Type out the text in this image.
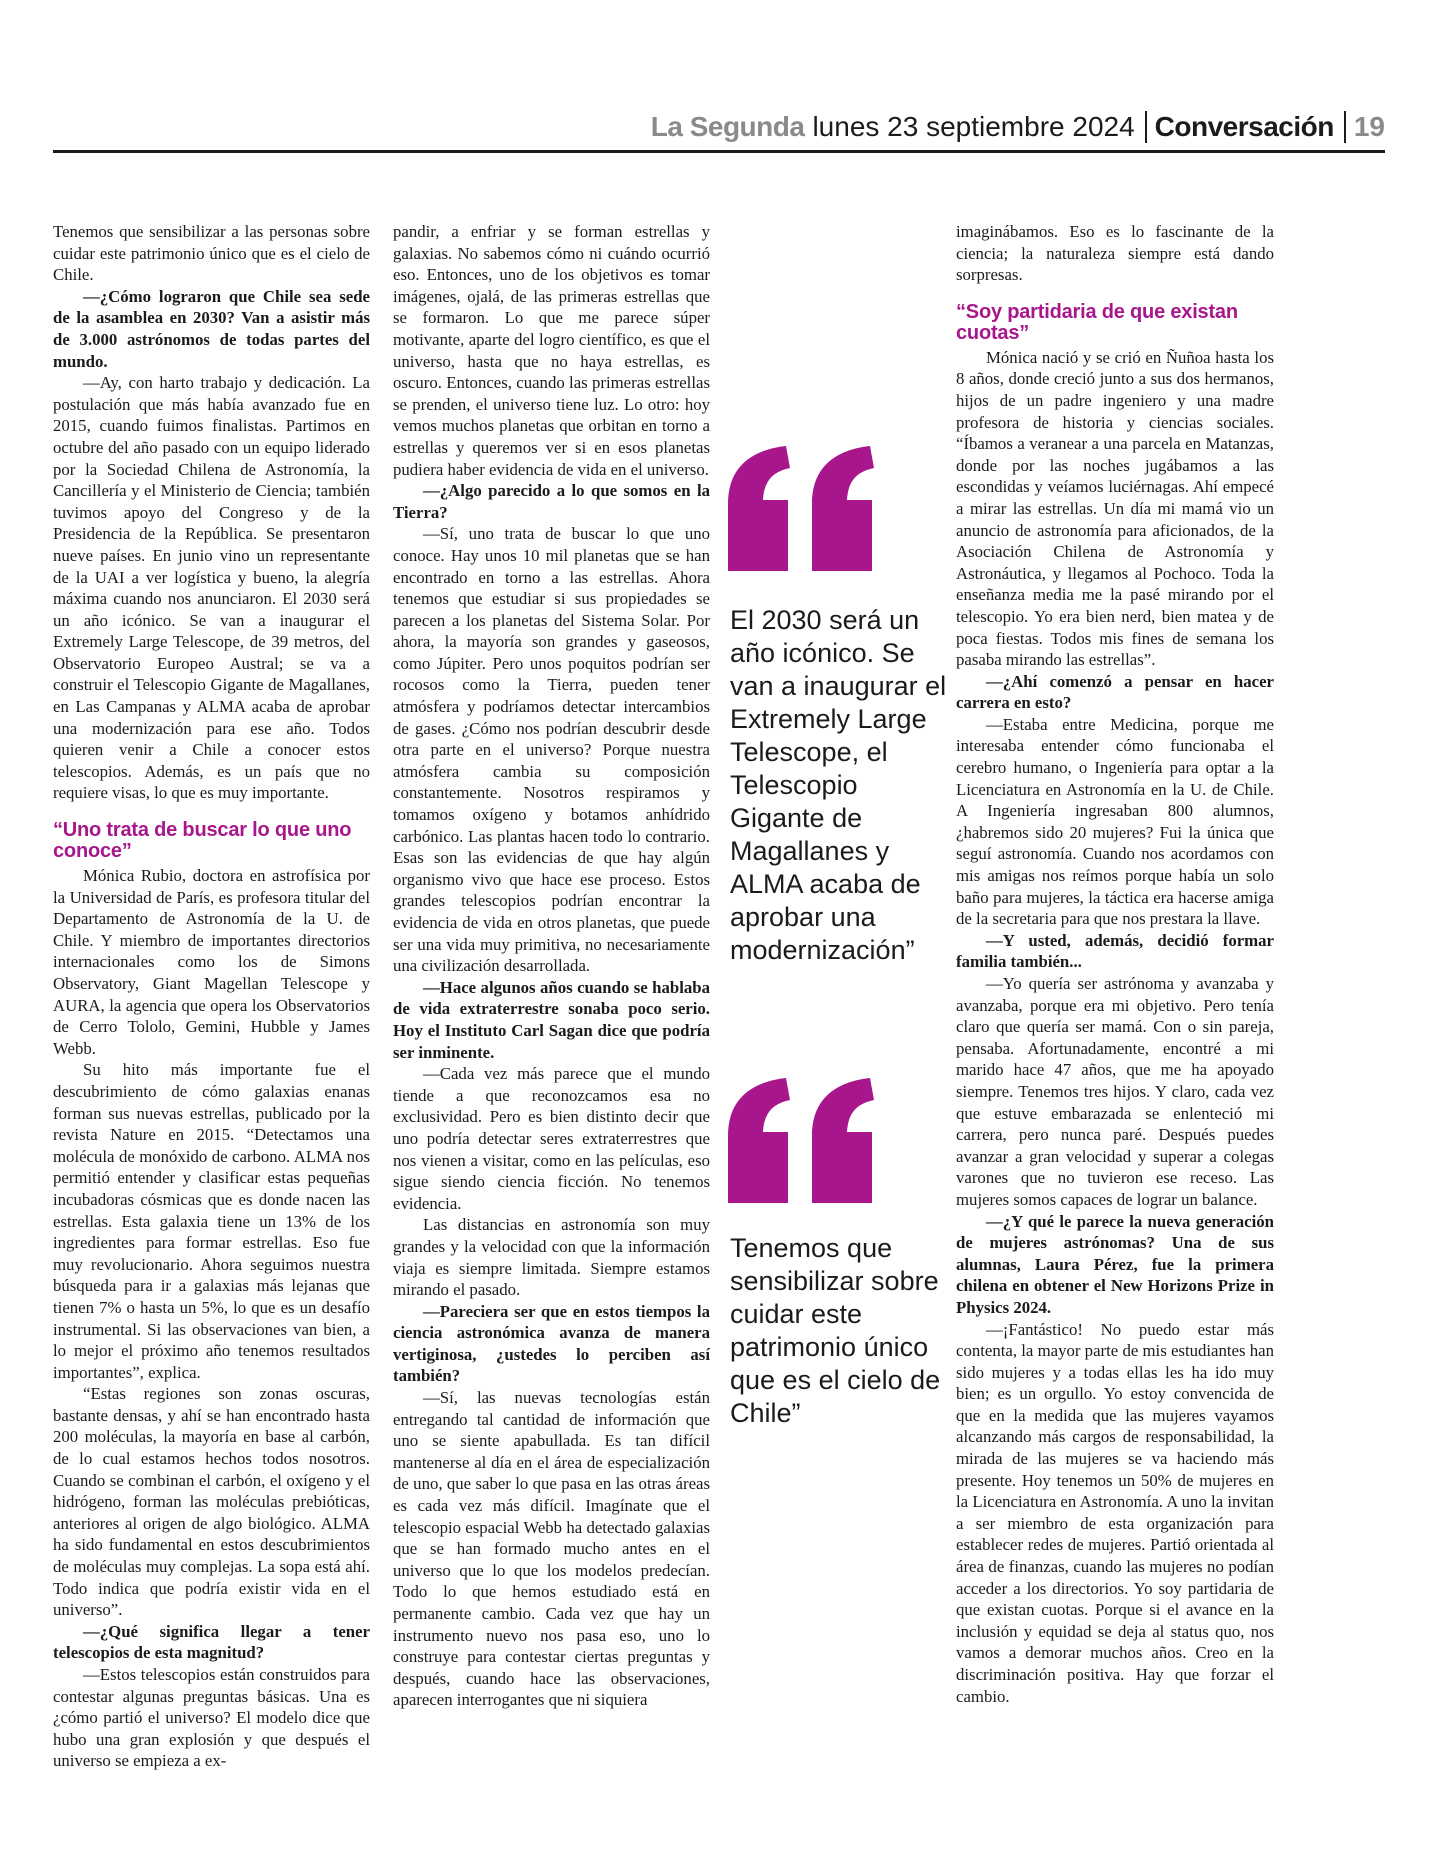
La Segunda lunes 23 septiembre 2024 Conversación 19

Tenemos que sensibilizar a las personas sobre cuidar este patrimonio único que es el cielo de Chile.

—¿Cómo lograron que Chile sea sede de la asamblea en 2030? Van a asistir más de 3.000 astrónomos de todas partes del mundo.

—Ay, con harto trabajo y dedicación. La postulación que más había avanzado fue en 2015, cuando fuimos finalistas. Partimos en octubre del año pasado con un equipo liderado por la Sociedad Chilena de Astronomía, la Cancillería y el Ministerio de Ciencia; también tuvimos apoyo del Congreso y de la Presidencia de la República. Se presentaron nueve países. En junio vino un representante de la UAI a ver logística y bueno, la alegría máxima cuando nos anunciaron. El 2030 será un año icónico. Se van a inaugurar el Extremely Large Telescope, de 39 metros, del Observatorio Europeo Austral; se va a construir el Telescopio Gigante de Magallanes, en Las Campanas y ALMA acaba de aprobar una modernización para ese año. Todos quieren venir a Chile a conocer estos telescopios. Además, es un país que no requiere visas, lo que es muy importante.

“Uno trata de buscar lo que uno conoce”

Mónica Rubio, doctora en astrofísica por la Universidad de París, es profesora titular del Departamento de Astronomía de la U. de Chile. Y miembro de importantes directorios internacionales como los de Simons Observatory, Giant Magellan Telescope y AURA, la agencia que opera los Observatorios de Cerro Tololo, Gemini, Hubble y James Webb.

Su hito más importante fue el descubrimiento de cómo galaxias enanas forman sus nuevas estrellas, publicado por la revista Nature en 2015. “Detectamos una molécula de monóxido de carbono. ALMA nos permitió entender y clasificar estas pequeñas incubadoras cósmicas que es donde nacen las estrellas. Esta galaxia tiene un 13% de los ingredientes para formar estrellas. Eso fue muy revolucionario. Ahora seguimos nuestra búsqueda para ir a galaxias más lejanas que tienen 7% o hasta un 5%, lo que es un desafío instrumental. Si las observaciones van bien, a lo mejor el próximo año tenemos resultados importantes”, explica.

“Estas regiones son zonas oscuras, bastante densas, y ahí se han encontrado hasta 200 moléculas, la mayoría en base al carbón, de lo cual estamos hechos todos nosotros. Cuando se combinan el carbón, el oxígeno y el hidrógeno, forman las moléculas prebióticas, anteriores al origen de algo biológico. ALMA ha sido fundamental en estos descubrimientos de moléculas muy complejas. La sopa está ahí. Todo indica que podría existir vida en el universo”.

—¿Qué significa llegar a tener telescopios de esta magnitud?

—Estos telescopios están construidos para contestar algunas preguntas básicas. Una es ¿cómo partió el universo? El modelo dice que hubo una gran explosión y que después el universo se empieza a ex-

pandir, a enfriar y se forman estrellas y galaxias. No sabemos cómo ni cuándo ocurrió eso. Entonces, uno de los objetivos es tomar imágenes, ojalá, de las primeras estrellas que se formaron. Lo que me parece súper motivante, aparte del logro científico, es que el universo, hasta que no haya estrellas, es oscuro. Entonces, cuando las primeras estrellas se prenden, el universo tiene luz. Lo otro: hoy vemos muchos planetas que orbitan en torno a estrellas y queremos ver si en esos planetas pudiera haber evidencia de vida en el universo.

—¿Algo parecido a lo que somos en la Tierra?

—Sí, uno trata de buscar lo que uno conoce. Hay unos 10 mil planetas que se han encontrado en torno a las estrellas. Ahora tenemos que estudiar si sus propiedades se parecen a los planetas del Sistema Solar. Por ahora, la mayoría son grandes y gaseosos, como Júpiter. Pero unos poquitos podrían ser rocosos como la Tierra, pueden tener atmósfera y podríamos detectar intercambios de gases. ¿Cómo nos podrían descubrir desde otra parte en el universo? Porque nuestra atmósfera cambia su composición constantemente. Nosotros respiramos y tomamos oxígeno y botamos anhídrido carbónico. Las plantas hacen todo lo contrario. Esas son las evidencias de que hay algún organismo vivo que hace ese proceso. Estos grandes telescopios podrían encontrar la evidencia de vida en otros planetas, que puede ser una vida muy primitiva, no necesariamente una civilización desarrollada.

—Hace algunos años cuando se hablaba de vida extraterrestre sonaba poco serio. Hoy el Instituto Carl Sagan dice que podría ser inminente.

—Cada vez más parece que el mundo tiende a que reconozcamos esa no exclusividad. Pero es bien distinto decir que uno podría detectar seres extraterrestres que nos vienen a visitar, como en las películas, eso sigue siendo ciencia ficción. No tenemos evidencia.

Las distancias en astronomía son muy grandes y la velocidad con que la información viaja es siempre limitada. Siempre estamos mirando el pasado.

—Pareciera ser que en estos tiempos la ciencia astronómica avanza de manera vertiginosa, ¿ustedes lo perciben así también?

—Sí, las nuevas tecnologías están entregando tal cantidad de información que uno se siente apabullada. Es tan difícil mantenerse al día en el área de especialización de uno, que saber lo que pasa en las otras áreas es cada vez más difícil. Imagínate que el telescopio espacial Webb ha detectado galaxias que se han formado mucho antes en el universo que lo que los modelos predecían. Todo lo que hemos estudiado está en permanente cambio. Cada vez que hay un instrumento nuevo nos pasa eso, uno lo construye para contestar ciertas preguntas y después, cuando hace las observaciones, aparecen interrogantes que ni siquiera

El 2030 será un año icónico. Se van a inaugurar el Extremely Large Telescope, el Telescopio Gigante de Magallanes y ALMA acaba de aprobar una modernización”
Tenemos que sensibilizar sobre cuidar este patrimonio único que es el cielo de Chile”

imaginábamos. Eso es lo fascinante de la ciencia; la naturaleza siempre está dando sorpresas.

“Soy partidaria de que existan cuotas”

Mónica nació y se crió en Ñuñoa hasta los 8 años, donde creció junto a sus dos hermanos, hijos de un padre ingeniero y una madre profesora de historia y ciencias sociales. “Íbamos a veranear a una parcela en Matanzas, donde por las noches jugábamos a las escondidas y veíamos luciérnagas. Ahí empecé a mirar las estrellas. Un día mi mamá vio un anuncio de astronomía para aficionados, de la Asociación Chilena de Astronomía y Astronáutica, y llegamos al Pochoco. Toda la enseñanza media me la pasé mirando por el telescopio. Yo era bien nerd, bien matea y de poca fiestas. Todos mis fines de semana los pasaba mirando las estrellas”.

—¿Ahí comenzó a pensar en hacer carrera en esto?

—Estaba entre Medicina, porque me interesaba entender cómo funcionaba el cerebro humano, o Ingeniería para optar a la Licenciatura en Astronomía en la U. de Chile. A Ingeniería ingresaban 800 alumnos, ¿habremos sido 20 mujeres? Fui la única que seguí astronomía. Cuando nos acordamos con mis amigas nos reímos porque había un solo baño para mujeres, la táctica era hacerse amiga de la secretaria para que nos prestara la llave.

—Y usted, además, decidió formar familia también...

—Yo quería ser astrónoma y avanzaba y avanzaba, porque era mi objetivo. Pero tenía claro que quería ser mamá. Con o sin pareja, pensaba. Afortunadamente, encontré a mi marido hace 47 años, que me ha apoyado siempre. Tenemos tres hijos. Y claro, cada vez que estuve embarazada se enlenteció mi carrera, pero nunca paré. Después puedes avanzar a gran velocidad y superar a colegas varones que no tuvieron ese receso. Las mujeres somos capaces de lograr un balance.

—¿Y qué le parece la nueva generación de mujeres astrónomas? Una de sus alumnas, Laura Pérez, fue la primera chilena en obtener el New Horizons Prize in Physics 2024.

—¡Fantástico! No puedo estar más contenta, la mayor parte de mis estudiantes han sido mujeres y a todas ellas les ha ido muy bien; es un orgullo. Yo estoy convencida de que en la medida que las mujeres vayamos alcanzando más cargos de responsabilidad, la mirada de las mujeres se va haciendo más presente. Hoy tenemos un 50% de mujeres en la Licenciatura en Astronomía. A uno la invitan a ser miembro de esta organización para establecer redes de mujeres. Partió orientada al área de finanzas, cuando las mujeres no podían acceder a los directorios. Yo soy partidaria de que existan cuotas. Porque si el avance en la inclusión y equidad se deja al status quo, nos vamos a demorar muchos años. Creo en la discriminación positiva. Hay que forzar el cambio.
